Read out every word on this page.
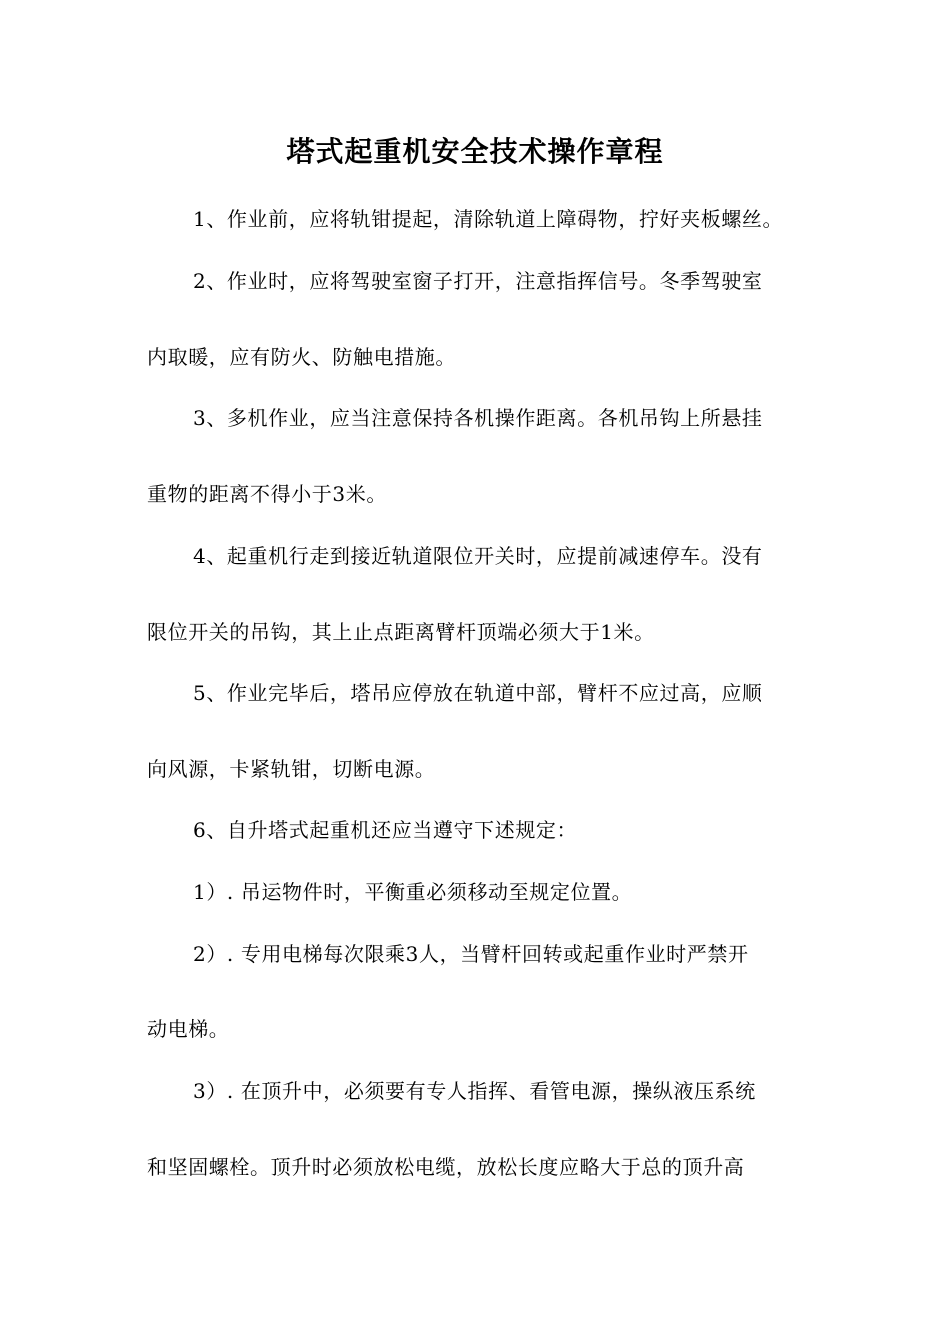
塔式起重机安全技术操作章程
1、作业前，应将轨钳提起，清除轨道上障碍物，拧好夹板螺丝。
2、作业时，应将驾驶室窗子打开，注意指挥信号。冬季驾驶室
内取暖，应有防火、防触电措施。
3、多机作业，应当注意保持各机操作距离。各机吊钩上所悬挂
重物的距离不得小于3米。
4、起重机行走到接近轨道限位开关时，应提前减速停车。没有
限位开关的吊钩，其上止点距离臂杆顶端必须大于1米。
5、作业完毕后，塔吊应停放在轨道中部，臂杆不应过高，应顺
向风源，卡紧轨钳，切断电源。
6、自升塔式起重机还应当遵守下述规定：
1）. 吊运物件时，平衡重必须移动至规定位置。
2）. 专用电梯每次限乘3人，当臂杆回转或起重作业时严禁开
动电梯。
3）. 在顶升中，必须要有专人指挥、看管电源，操纵液压系统
和坚固螺栓。顶升时必须放松电缆，放松长度应略大于总的顶升高
